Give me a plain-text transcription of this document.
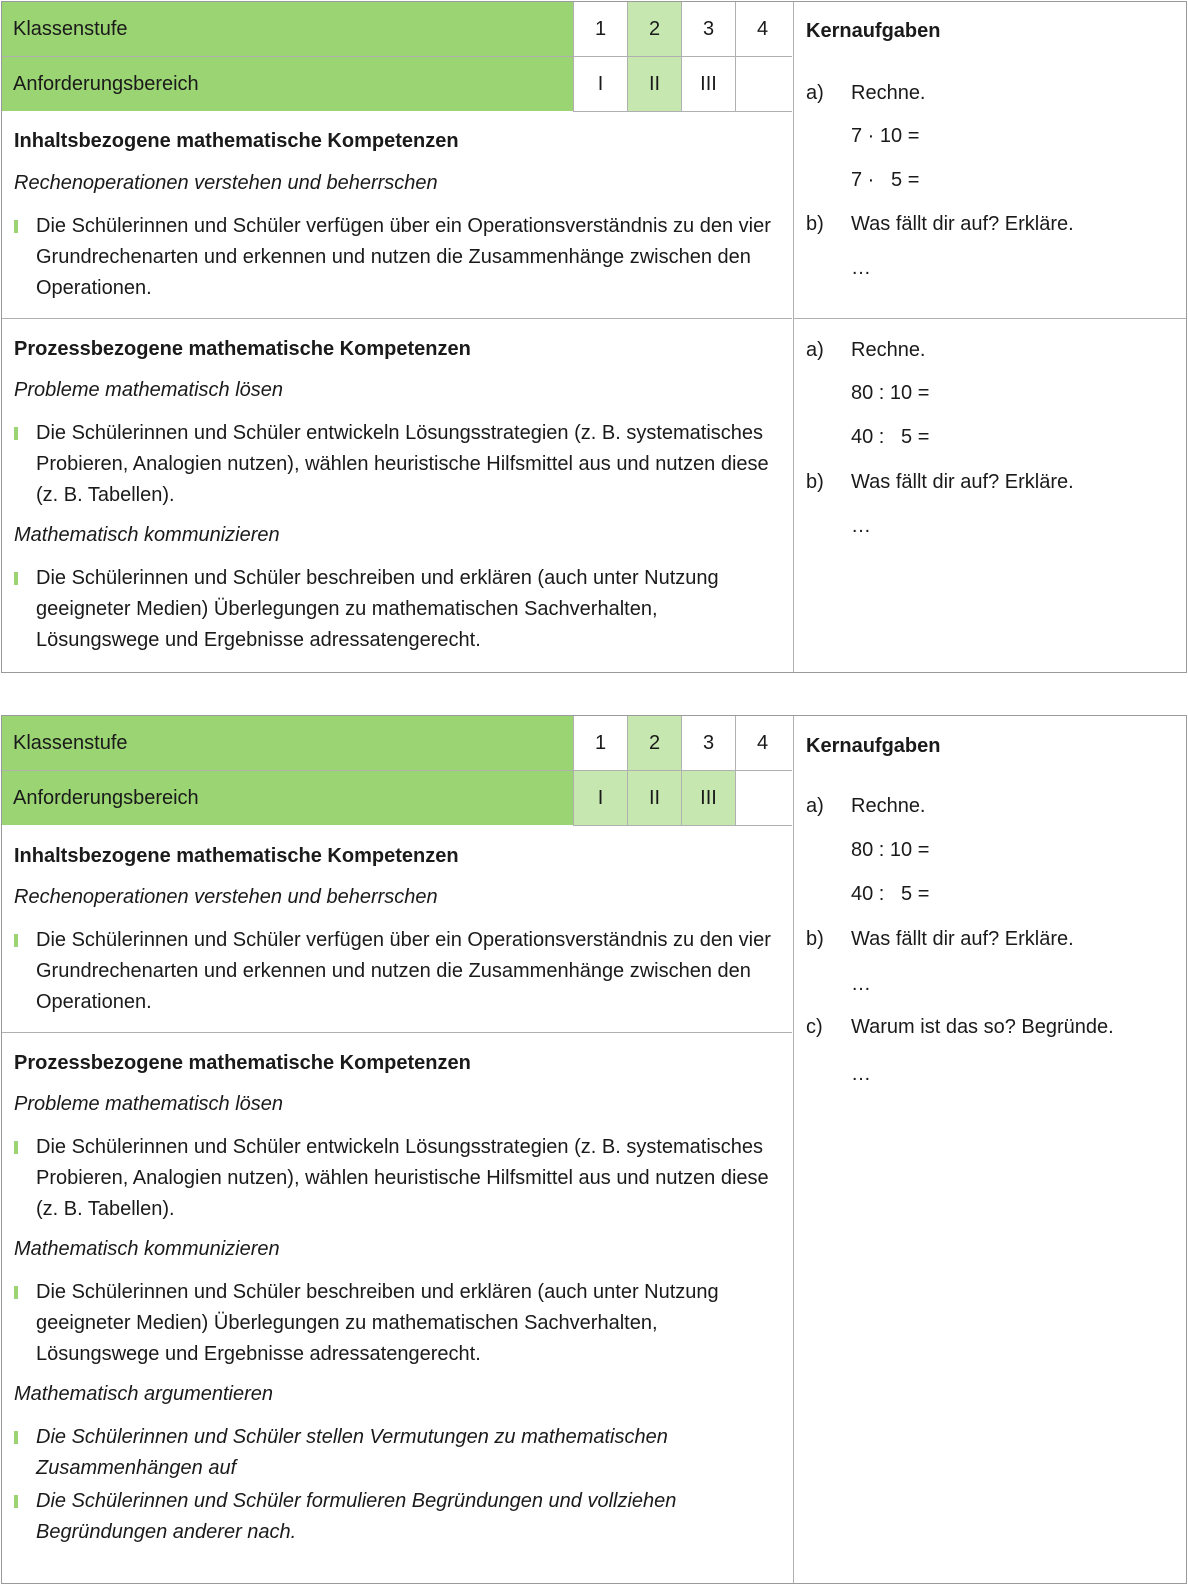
Klassenstufe	1	2	3	4
Anforderungsbereich	I	II	III

Inhaltsbezogene mathematische Kompetenzen

Rechenoperationen verstehen und beherrschen

Die Schülerinnen und Schüler verfügen über ein Operationsverständnis zu den vier Grundrechenarten und erkennen und nutzen die Zusammenhänge zwischen den Operationen.

Prozessbezogene mathematische Kompetenzen

Probleme mathematisch lösen

Die Schülerinnen und Schüler entwickeln Lösungsstrategien (z. B. systematisches Probieren, Analogien nutzen), wählen heuristische Hilfsmittel aus und nutzen diese (z. B. Tabellen).

Mathematisch kommunizieren

Die Schülerinnen und Schüler beschreiben und erklären (auch unter Nutzung geeigneter Medien) Überlegungen zu mathematischen Sachverhalten, Lösungswege und Ergebnisse adressatengerecht.

Kernaufgaben
a) Rechne.
7 · 10 =
7 ·   5 =
b) Was fällt dir auf? Erkläre.
…
a) Rechne.
80 : 10 =
40 :   5 =
b) Was fällt dir auf? Erkläre.
…
Klassenstufe	1	2	3	4
Anforderungsbereich	I	II	III

Inhaltsbezogene mathematische Kompetenzen

Rechenoperationen verstehen und beherrschen

Die Schülerinnen und Schüler verfügen über ein Operationsverständnis zu den vier Grundrechenarten und erkennen und nutzen die Zusammenhänge zwischen den Operationen.

Prozessbezogene mathematische Kompetenzen

Probleme mathematisch lösen

Die Schülerinnen und Schüler entwickeln Lösungsstrategien (z. B. systematisches Probieren, Analogien nutzen), wählen heuristische Hilfsmittel aus und nutzen diese (z. B. Tabellen).

Mathematisch kommunizieren

Die Schülerinnen und Schüler beschreiben und erklären (auch unter Nutzung geeigneter Medien) Überlegungen zu mathematischen Sachverhalten, Lösungswege und Ergebnisse adressatengerecht.

Mathematisch argumentieren

Die Schülerinnen und Schüler stellen Vermutungen zu mathematischen Zusammenhängen auf

Die Schülerinnen und Schüler formulieren Begründungen und vollziehen Begründungen anderer nach.

Kernaufgaben
a) Rechne.
80 : 10 =
40 :   5 =
b) Was fällt dir auf? Erkläre.
…
c) Warum ist das so? Begründe.
…
